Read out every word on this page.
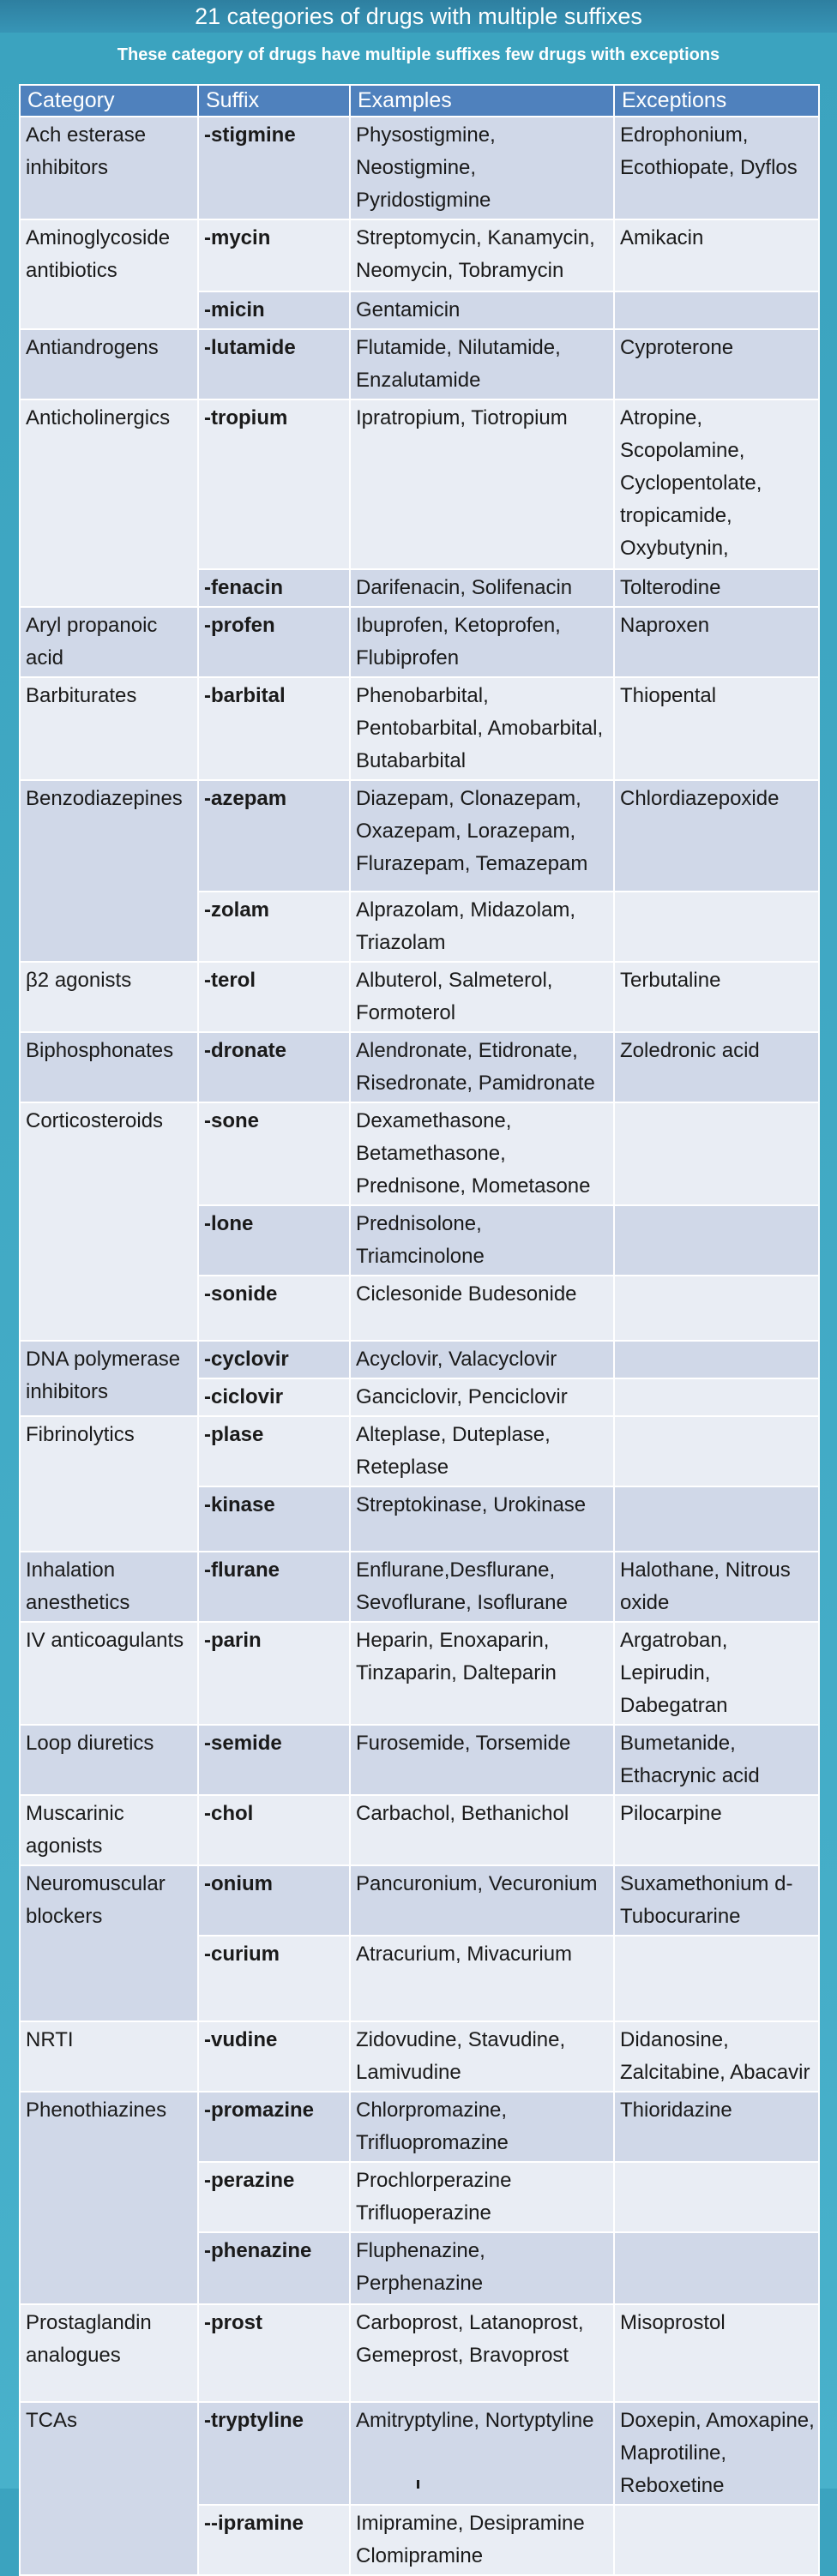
21 categories of drugs with multiple suffixes
These category of drugs have multiple suffixes few drugs with exceptions
Category	Suffix	Examples	Exceptions
Ach esterase inhibitors	-stigmine	Physostigmine, Neostigmine, Pyridostigmine	Edrophonium, Ecothiopate, Dyflos
Aminoglycoside antibiotics	-mycin	Streptomycin, Kanamycin, Neomycin, Tobramycin	Amikacin
	-micin	Gentamicin	
Antiandrogens	-lutamide	Flutamide, Nilutamide, Enzalutamide	Cyproterone
Anticholinergics	-tropium	Ipratropium, Tiotropium	Atropine, Scopolamine, Cyclopentolate, tropicamide, Oxybutynin,
	-fenacin	Darifenacin, Solifenacin	Tolterodine
Aryl propanoic acid	-profen	Ibuprofen, Ketoprofen, Flubiprofen	Naproxen
Barbiturates	-barbital	Phenobarbital, Pentobarbital, Amobarbital, Butabarbital	Thiopental
Benzodiazepines	-azepam	Diazepam, Clonazepam, Oxazepam, Lorazepam, Flurazepam, Temazepam	Chlordiazepoxide
	-zolam	Alprazolam, Midazolam, Triazolam	
β2 agonists	-terol	Albuterol, Salmeterol, Formoterol	Terbutaline
Biphosphonates	-dronate	Alendronate, Etidronate, Risedronate, Pamidronate	Zoledronic acid
Corticosteroids	-sone	Dexamethasone, Betamethasone, Prednisone, Mometasone	
	-lone	Prednisolone, Triamcinolone	
	-sonide	Ciclesonide Budesonide	
DNA polymerase inhibitors	-cyclovir	Acyclovir, Valacyclovir	
	-ciclovir	Ganciclovir, Penciclovir	
Fibrinolytics	-plase	Alteplase, Duteplase, Reteplase	
	-kinase	Streptokinase, Urokinase	
Inhalation anesthetics	-flurane	Enflurane,Desflurane, Sevoflurane, Isoflurane	Halothane, Nitrous oxide
IV anticoagulants	-parin	Heparin, Enoxaparin, Tinzaparin, Dalteparin	Argatroban, Lepirudin, Dabegatran
Loop diuretics	-semide	Furosemide, Torsemide	Bumetanide, Ethacrynic acid
Muscarinic agonists	-chol	Carbachol, Bethanichol	Pilocarpine
Neuromuscular blockers	-onium	Pancuronium, Vecuronium	Suxamethonium d-Tubocurarine
	-curium	Atracurium, Mivacurium	
NRTI	-vudine	Zidovudine, Stavudine, Lamivudine	Didanosine, Zalcitabine, Abacavir
Phenothiazines	-promazine	Chlorpromazine, Trifluopromazine	Thioridazine
	-perazine	Prochlorperazine Trifluoperazine	
	-phenazine	Fluphenazine, Perphenazine	
Prostaglandin analogues	-prost	Carboprost, Latanoprost, Gemeprost, Bravoprost	Misoprostol
TCAs	-tryptyline	Amitryptyline, Nortyptyline	Doxepin, Amoxapine, Maprotiline, Reboxetine
	--ipramine	Imipramine, Desipramine Clomipramine	
